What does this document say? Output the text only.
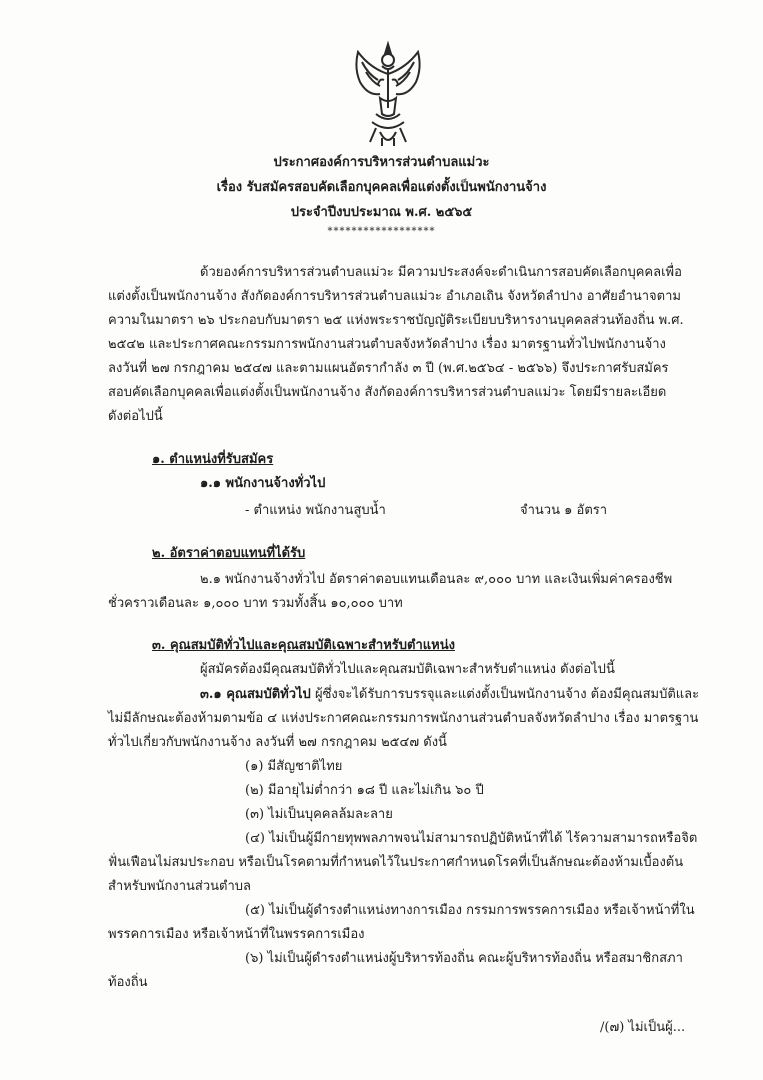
ประกาศองค์การบริหารส่วนตำบลแม่วะ
เรื่อง รับสมัครสอบคัดเลือกบุคคลเพื่อแต่งตั้งเป็นพนักงานจ้าง
ประจำปีงบประมาณ พ.ศ. ๒๕๖๕
******************
ด้วยองค์การบริหารส่วนตำบลแม่วะ มีความประสงค์จะดำเนินการสอบคัดเลือกบุคคลเพื่อ
แต่งตั้งเป็นพนักงานจ้าง สังกัดองค์การบริหารส่วนตำบลแม่วะ อำเภอเถิน จังหวัดลำปาง อาศัยอำนาจตาม
ความในมาตรา ๒๖ ประกอบกับมาตรา ๒๕ แห่งพระราชบัญญัติระเบียบบริหารงานบุคคลส่วนท้องถิ่น พ.ศ.
๒๕๔๒ และประกาศคณะกรรมการพนักงานส่วนตำบลจังหวัดลำปาง เรื่อง มาตรฐานทั่วไปพนักงานจ้าง
ลงวันที่ ๒๗ กรกฎาคม ๒๕๔๗ และตามแผนอัตรากำลัง ๓ ปี (พ.ศ.๒๕๖๔ - ๒๕๖๖) จึงประกาศรับสมัคร
สอบคัดเลือกบุคคลเพื่อแต่งตั้งเป็นพนักงานจ้าง สังกัดองค์การบริหารส่วนตำบลแม่วะ โดยมีรายละเอียด
ดังต่อไปนี้
๑. ตำแหน่งที่รับสมัคร
๑.๑ พนักงานจ้างทั่วไป
- ตำแหน่ง พนักงานสูบน้ำ	จำนวน ๑ อัตรา
๒. อัตราค่าตอบแทนที่ได้รับ
๒.๑ พนักงานจ้างทั่วไป อัตราค่าตอบแทนเดือนละ ๙,๐๐๐ บาท และเงินเพิ่มค่าครองชีพ
ชั่วคราวเดือนละ ๑,๐๐๐ บาท รวมทั้งสิ้น ๑๐,๐๐๐ บาท
๓. คุณสมบัติทั่วไปและคุณสมบัติเฉพาะสำหรับตำแหน่ง
ผู้สมัครต้องมีคุณสมบัติทั่วไปและคุณสมบัติเฉพาะสำหรับตำแหน่ง ดังต่อไปนี้
๓.๑ คุณสมบัติทั่วไป ผู้ซึ่งจะได้รับการบรรจุและแต่งตั้งเป็นพนักงานจ้าง ต้องมีคุณสมบัติและ
ไม่มีลักษณะต้องห้ามตามข้อ ๔ แห่งประกาศคณะกรรมการพนักงานส่วนตำบลจังหวัดลำปาง เรื่อง มาตรฐาน
ทั่วไปเกี่ยวกับพนักงานจ้าง ลงวันที่ ๒๗ กรกฎาคม ๒๕๔๗ ดังนี้
(๑) มีสัญชาติไทย
(๒) มีอายุไม่ต่ำกว่า ๑๘ ปี และไม่เกิน ๖๐ ปี
(๓) ไม่เป็นบุคคลล้มละลาย
(๔) ไม่เป็นผู้มีกายทุพพลภาพจนไม่สามารถปฏิบัติหน้าที่ได้ ไร้ความสามารถหรือจิต
ฟั่นเฟือนไม่สมประกอบ หรือเป็นโรคตามที่กำหนดไว้ในประกาศกำหนดโรคที่เป็นลักษณะต้องห้ามเบื้องต้น
สำหรับพนักงานส่วนตำบล
(๕) ไม่เป็นผู้ดำรงตำแหน่งทางการเมือง กรรมการพรรคการเมือง หรือเจ้าหน้าที่ใน
พรรคการเมือง หรือเจ้าหน้าที่ในพรรคการเมือง
(๖) ไม่เป็นผู้ดำรงตำแหน่งผู้บริหารท้องถิ่น คณะผู้บริหารท้องถิ่น หรือสมาชิกสภา
ท้องถิ่น
/(๗) ไม่เป็นผู้...
